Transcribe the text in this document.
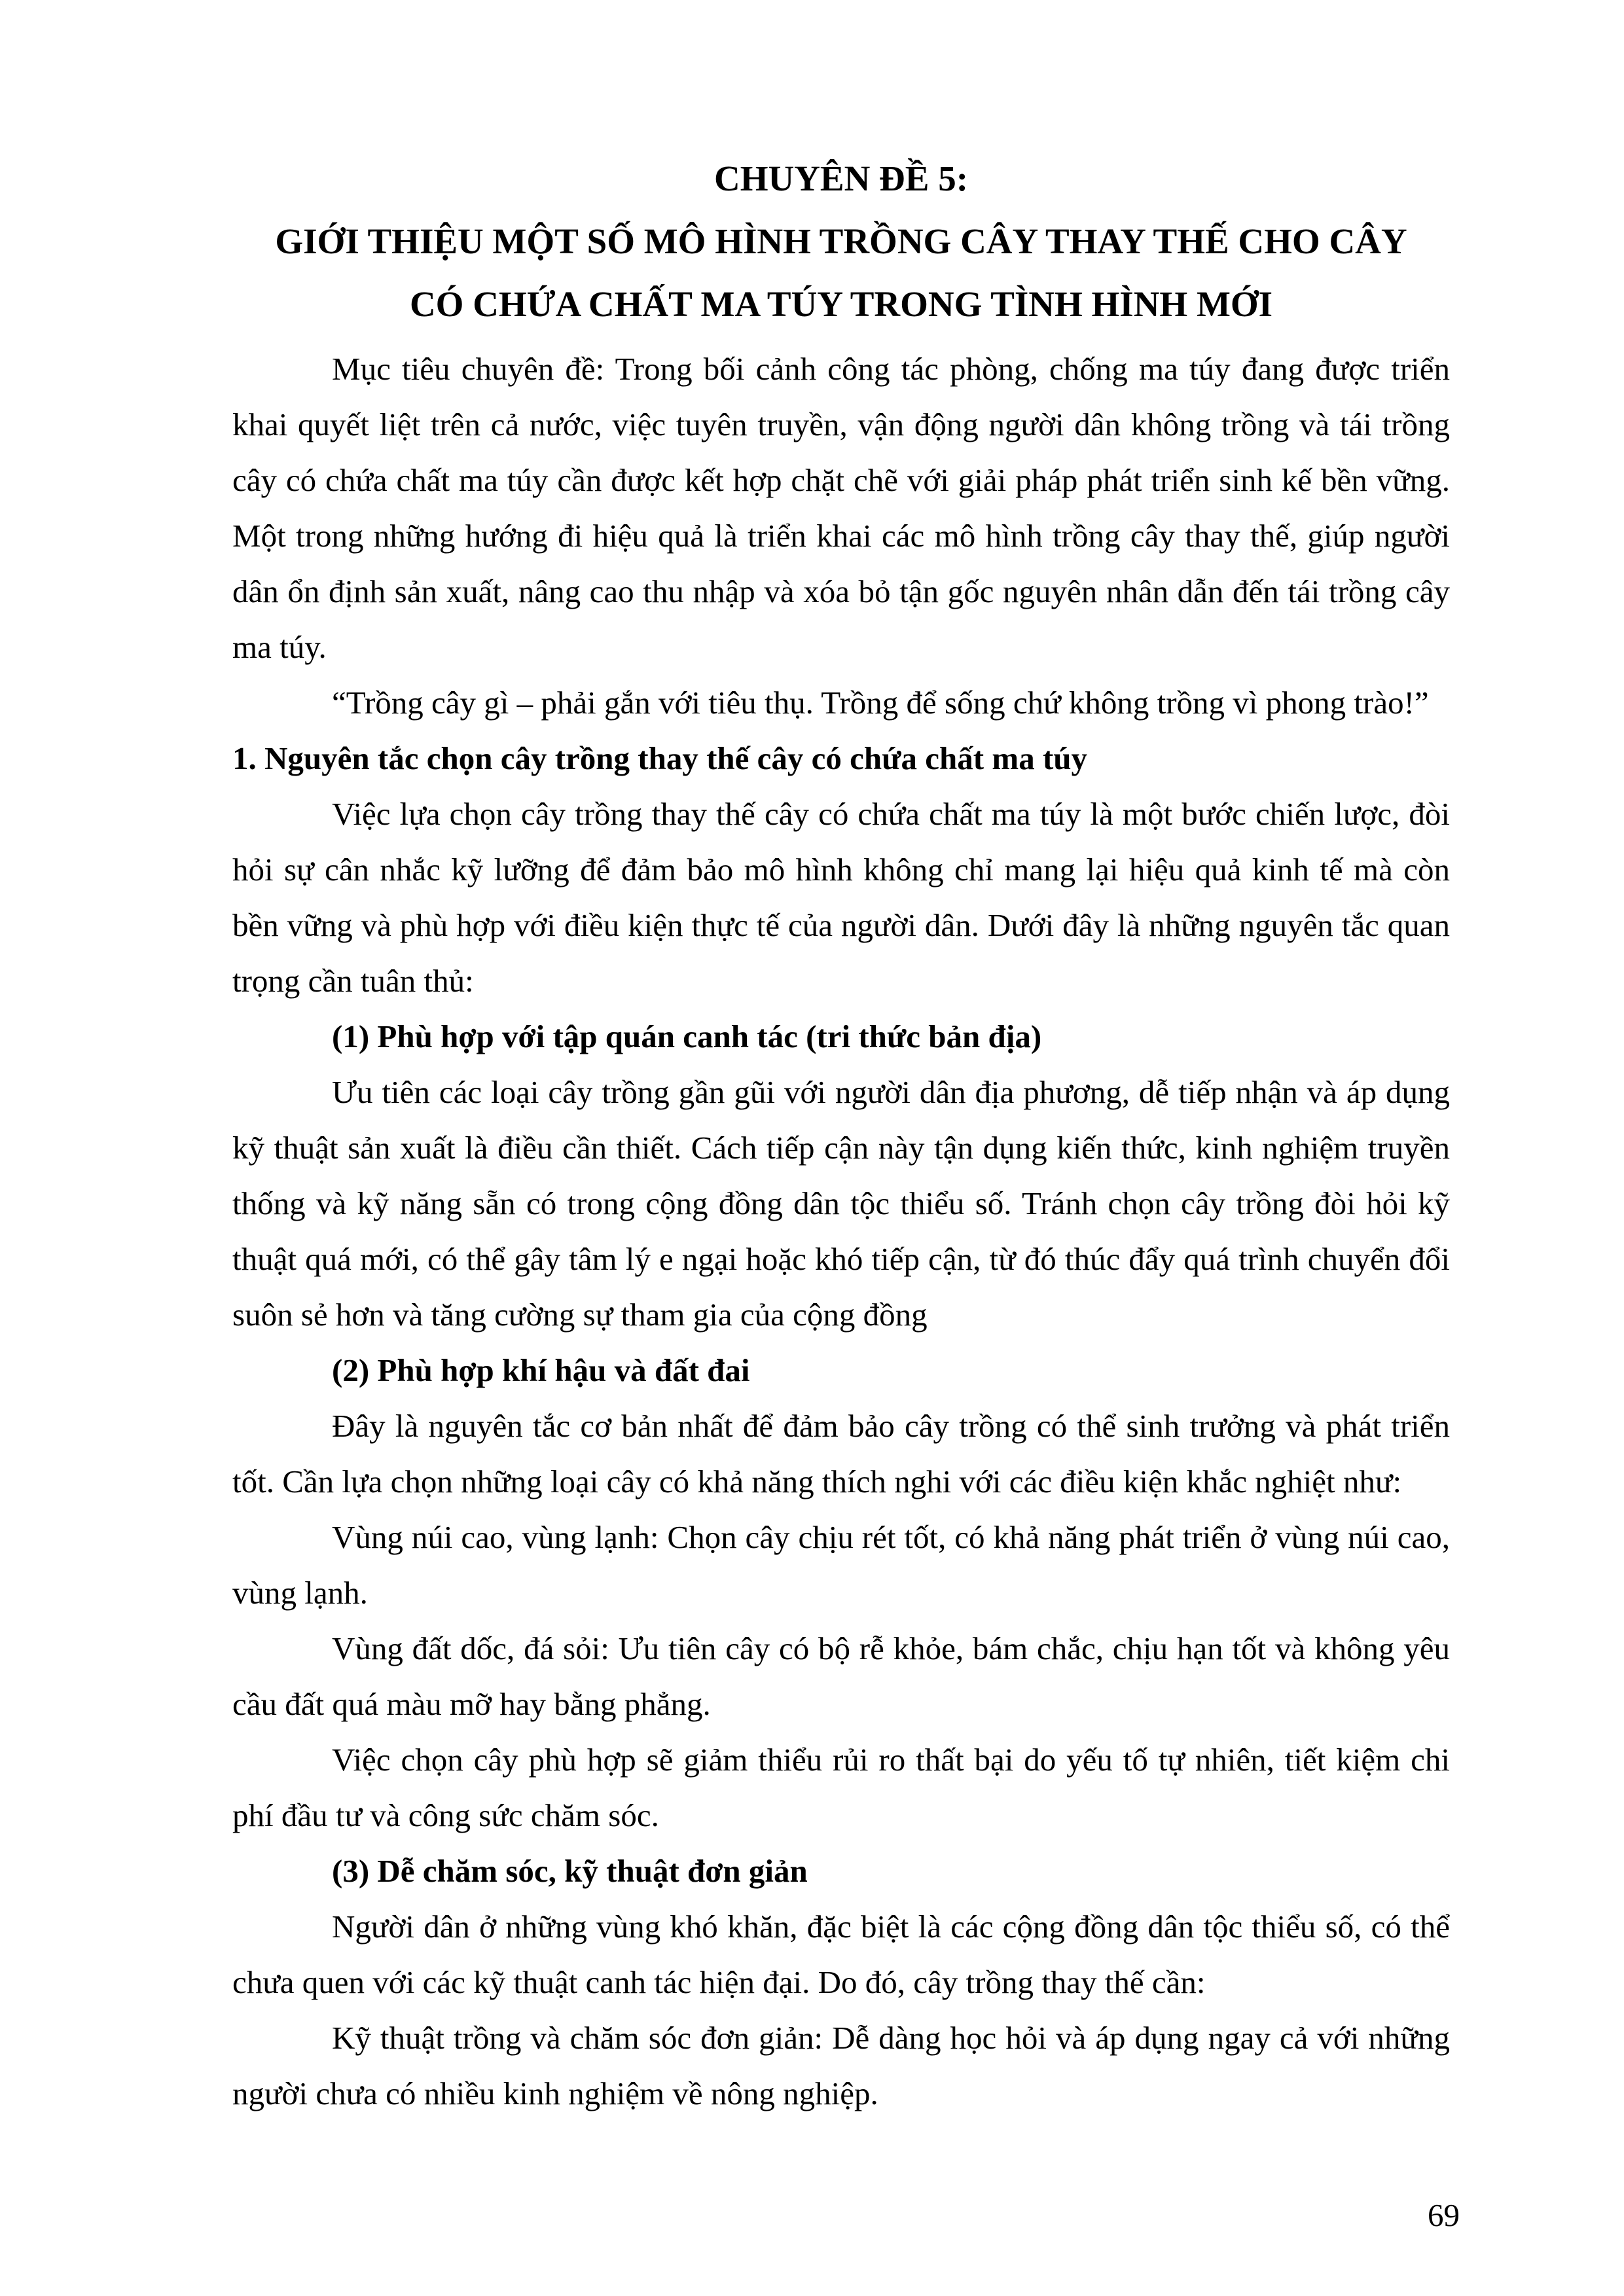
CHUYÊN ĐỀ 5:
GIỚI THIỆU MỘT SỐ MÔ HÌNH TRỒNG CÂY THAY THẾ CHO CÂY
CÓ CHỨA CHẤT MA TÚY TRONG TÌNH HÌNH MỚI

Mục tiêu chuyên đề: Trong bối cảnh công tác phòng, chống ma túy đang được triển khai quyết liệt trên cả nước, việc tuyên truyền, vận động người dân không trồng và tái trồng cây có chứa chất ma túy cần được kết hợp chặt chẽ với giải pháp phát triển sinh kế bền vững. Một trong những hướng đi hiệu quả là triển khai các mô hình trồng cây thay thế, giúp người dân ổn định sản xuất, nâng cao thu nhập và xóa bỏ tận gốc nguyên nhân dẫn đến tái trồng cây ma túy.

“Trồng cây gì – phải gắn với tiêu thụ. Trồng để sống chứ không trồng vì phong trào!”

1. Nguyên tắc chọn cây trồng thay thế cây có chứa chất ma túy

Việc lựa chọn cây trồng thay thế cây có chứa chất ma túy là một bước chiến lược, đòi hỏi sự cân nhắc kỹ lưỡng để đảm bảo mô hình không chỉ mang lại hiệu quả kinh tế mà còn bền vững và phù hợp với điều kiện thực tế của người dân. Dưới đây là những nguyên tắc quan trọng cần tuân thủ:

(1) Phù hợp với tập quán canh tác (tri thức bản địa)

Ưu tiên các loại cây trồng gần gũi với người dân địa phương, dễ tiếp nhận và áp dụng kỹ thuật sản xuất là điều cần thiết. Cách tiếp cận này tận dụng kiến thức, kinh nghiệm truyền thống và kỹ năng sẵn có trong cộng đồng dân tộc thiểu số. Tránh chọn cây trồng đòi hỏi kỹ thuật quá mới, có thể gây tâm lý e ngại hoặc khó tiếp cận, từ đó thúc đẩy quá trình chuyển đổi suôn sẻ hơn và tăng cường sự tham gia của cộng đồng

(2) Phù hợp khí hậu và đất đai

Đây là nguyên tắc cơ bản nhất để đảm bảo cây trồng có thể sinh trưởng và phát triển tốt. Cần lựa chọn những loại cây có khả năng thích nghi với các điều kiện khắc nghiệt như:

Vùng núi cao, vùng lạnh: Chọn cây chịu rét tốt, có khả năng phát triển ở vùng núi cao, vùng lạnh.

Vùng đất dốc, đá sỏi: Ưu tiên cây có bộ rễ khỏe, bám chắc, chịu hạn tốt và không yêu cầu đất quá màu mỡ hay bằng phẳng.

Việc chọn cây phù hợp sẽ giảm thiểu rủi ro thất bại do yếu tố tự nhiên, tiết kiệm chi phí đầu tư và công sức chăm sóc.

(3) Dễ chăm sóc, kỹ thuật đơn giản

Người dân ở những vùng khó khăn, đặc biệt là các cộng đồng dân tộc thiểu số, có thể chưa quen với các kỹ thuật canh tác hiện đại. Do đó, cây trồng thay thế cần:

Kỹ thuật trồng và chăm sóc đơn giản: Dễ dàng học hỏi và áp dụng ngay cả với những người chưa có nhiều kinh nghiệm về nông nghiệp.

69
